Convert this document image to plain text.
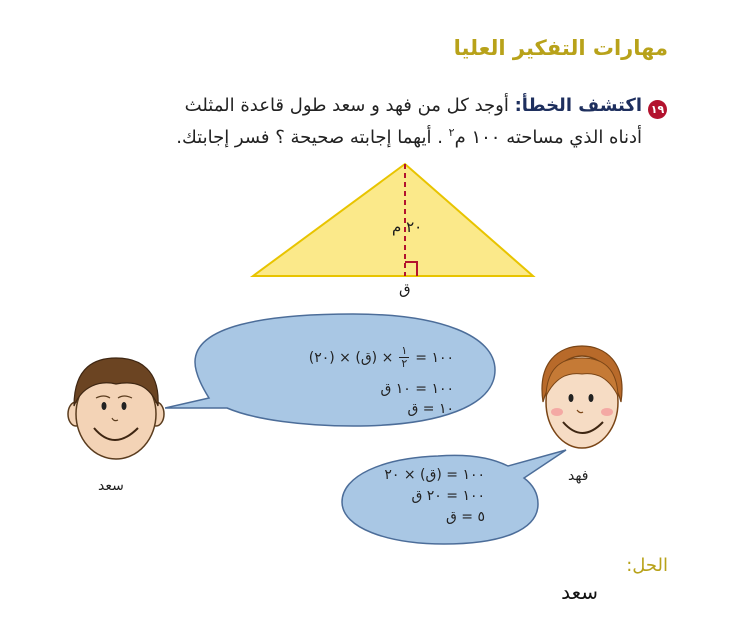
مهارات التفكير العليا
١٩
اكتشف الخطأ: أوجد كل من فهد و سعد طول قاعدة المثلث
أدناه الذي مساحته ١٠٠ م$^٢$ . أيهما إجابته صحيحة ؟ فسر إجابتك.
٢٠ م
ق
سعد
١٠٠ =
١
٢
× (ق) × (٢٠)
١٠٠ = ١٠ ق
١٠ = ق
فهد
١٠٠ = (ق) × ٢٠
١٠٠ = ٢٠ ق
٥ = ق
الحل:
سعد
